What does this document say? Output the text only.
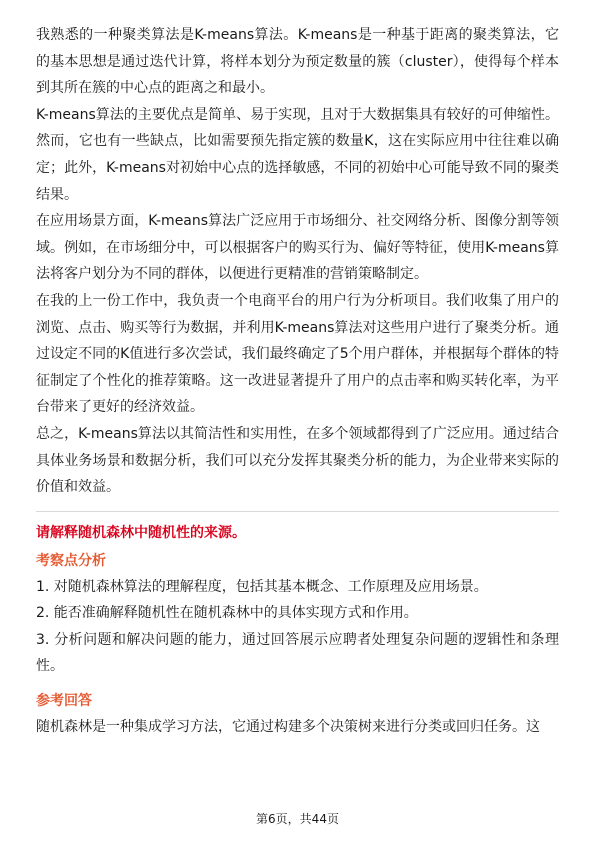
我熟悉的一种聚类算法是K-means算法。K-means是一种基于距离的聚类算法，它的基本思想是通过迭代计算，将样本划分为预定数量的簇（cluster），使得每个样本到其所在簇的中心点的距离之和最小。

K-means算法的主要优点是简单、易于实现，且对于大数据集具有较好的可伸缩性。然而，它也有一些缺点，比如需要预先指定簇的数量K，这在实际应用中往往难以确定；此外，K-means对初始中心点的选择敏感，不同的初始中心可能导致不同的聚类结果。

在应用场景方面，K-means算法广泛应用于市场细分、社交网络分析、图像分割等领域。例如，在市场细分中，可以根据客户的购买行为、偏好等特征，使用K-means算法将客户划分为不同的群体，以便进行更精准的营销策略制定。

在我的上一份工作中，我负责一个电商平台的用户行为分析项目。我们收集了用户的浏览、点击、购买等行为数据，并利用K-means算法对这些用户进行了聚类分析。通过设定不同的K值进行多次尝试，我们最终确定了5个用户群体，并根据每个群体的特征制定了个性化的推荐策略。这一改进显著提升了用户的点击率和购买转化率，为平台带来了更好的经济效益。

总之，K-means算法以其简洁性和实用性，在多个领域都得到了广泛应用。通过结合具体业务场景和数据分析，我们可以充分发挥其聚类分析的能力，为企业带来实际的价值和效益。

请解释随机森林中随机性的来源。

考察点分析

1. 对随机森林算法的理解程度，包括其基本概念、工作原理及应用场景。

2. 能否准确解释随机性在随机森林中的具体实现方式和作用。

3. 分析问题和解决问题的能力，通过回答展示应聘者处理复杂问题的逻辑性和条理性。

参考回答

随机森林是一种集成学习方法，它通过构建多个决策树来进行分类或回归任务。这

第6页，共44页
